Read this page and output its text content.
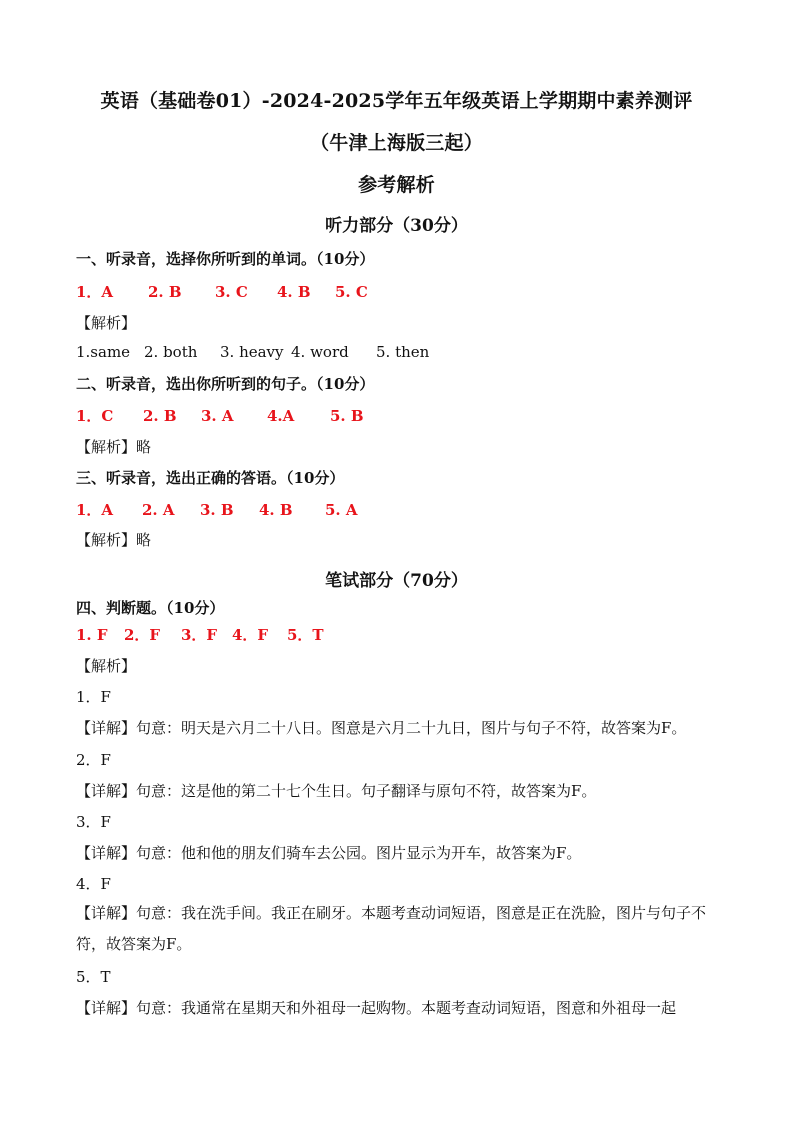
英语（基础卷01）-2024-2025学年五年级英语上学期期中素养测评
（牛津上海版三起）
参考解析
听力部分（30分）
一、听录音，选择你所听到的单词。（10分）
1．A 2. B 3. C 4. B 5. C
【解析】
1.same 2. both 3. heavy 4. word 5. then
二、听录音，选出你所听到的句子。（10分）
1．C 2. B 3. A 4.A 5. B
【解析】略
三、听录音，选出正确的答语。（10分）
1．A 2. A 3. B 4. B 5. A
【解析】略
笔试部分（70分）
四、判断题。（10分）
1. F 2．F 3．F 4．F 5．T
【解析】
1．F
【详解】句意：明天是六月二十八日。图意是六月二十九日，图片与句子不符，故答案为F。
2．F
【详解】句意：这是他的第二十七个生日。句子翻译与原句不符，故答案为F。
3．F
【详解】句意：他和他的朋友们骑车去公园。图片显示为开车，故答案为F。
4．F
【详解】句意：我在洗手间。我正在刷牙。本题考查动词短语，图意是正在洗脸，图片与句子不符，故答案为F。
5．T
【详解】句意：我通常在星期天和外祖母一起购物。本题考查动词短语，图意和外祖母一起
